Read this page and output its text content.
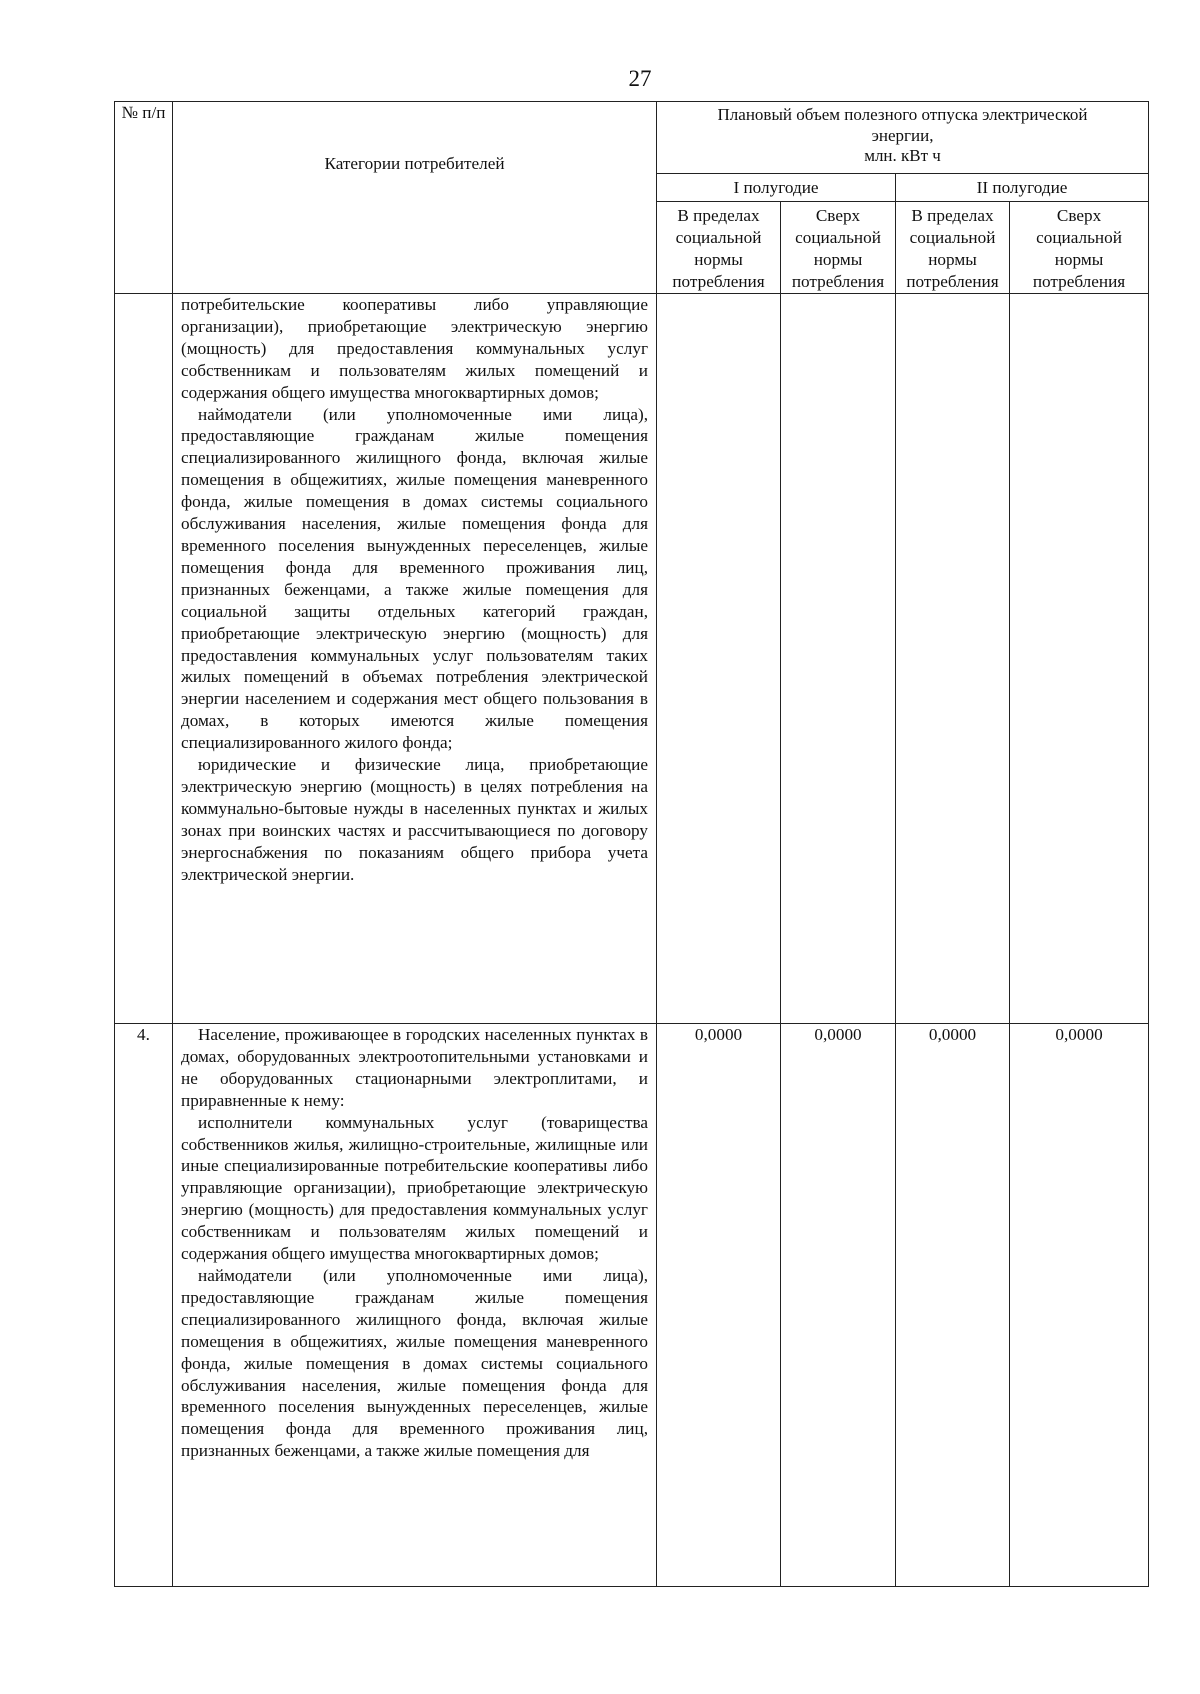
27
№ п/п	Категории потребителей	Плановый объем полезного отпуска электрической
энергии,
млн. кВт ч			

		I полугодие		II полугодие	
		В пределах социальной нормы потребления	Сверх социальной нормы потребления	В пределах социальной нормы потребления	Сверх социальной нормы потребления

	потребительские кооперативы либо управляющие организации), приобретающие электрическую энергию (мощность) для предоставления коммунальных услуг собственникам и пользователям жилых помещений и содержания общего имущества многоквартирных домов;

наймодатели (или уполномоченные ими лица), предоставляющие гражданам жилые помещения специализированного жилищного фонда, включая жилые помещения в общежитиях, жилые помещения маневренного фонда, жилые помещения в домах системы социального обслуживания населения, жилые помещения фонда для временного поселения вынужденных переселенцев, жилые помещения фонда для временного проживания лиц, признанных беженцами, а также жилые помещения для социальной защиты отдельных категорий граждан, приобретающие электрическую энергию (мощность) для предоставления коммунальных услуг пользователям таких жилых помещений в объемах потребления электрической энергии населением и содержания мест общего пользования в домах, в которых имеются жилые помещения специализированного жилого фонда;

юридические и физические лица, приобретающие электрическую энергию (мощность) в целях потребления на коммунально-бытовые нужды в населенных пунктах и жилых зонах при воинских частях и рассчитывающиеся по договору энергоснабжения по показаниям общего прибора учета электрической энергии.				

4.	Население, проживающее в городских населенных пунктах в домах, оборудованных электроотопительными установками и не оборудованных стационарными электроплитами, и приравненные к нему:

исполнители коммунальных услуг (товарищества собственников жилья, жилищно-строительные, жилищные или иные специализированные потребительские кооперативы либо управляющие организации), приобретающие электрическую энергию (мощность) для предоставления коммунальных услуг собственникам и пользователям жилых помещений и содержания общего имущества многоквартирных домов;

наймодатели (или уполномоченные ими лица), предоставляющие гражданам жилые помещения специализированного жилищного фонда, включая жилые помещения в общежитиях, жилые помещения маневренного фонда, жилые помещения в домах системы социального обслуживания населения, жилые помещения фонда для временного поселения вынужденных переселенцев, жилые помещения фонда для временного проживания лиц, признанных беженцами, а также жилые помещения для	0,0000	0,0000	0,0000	0,0000
